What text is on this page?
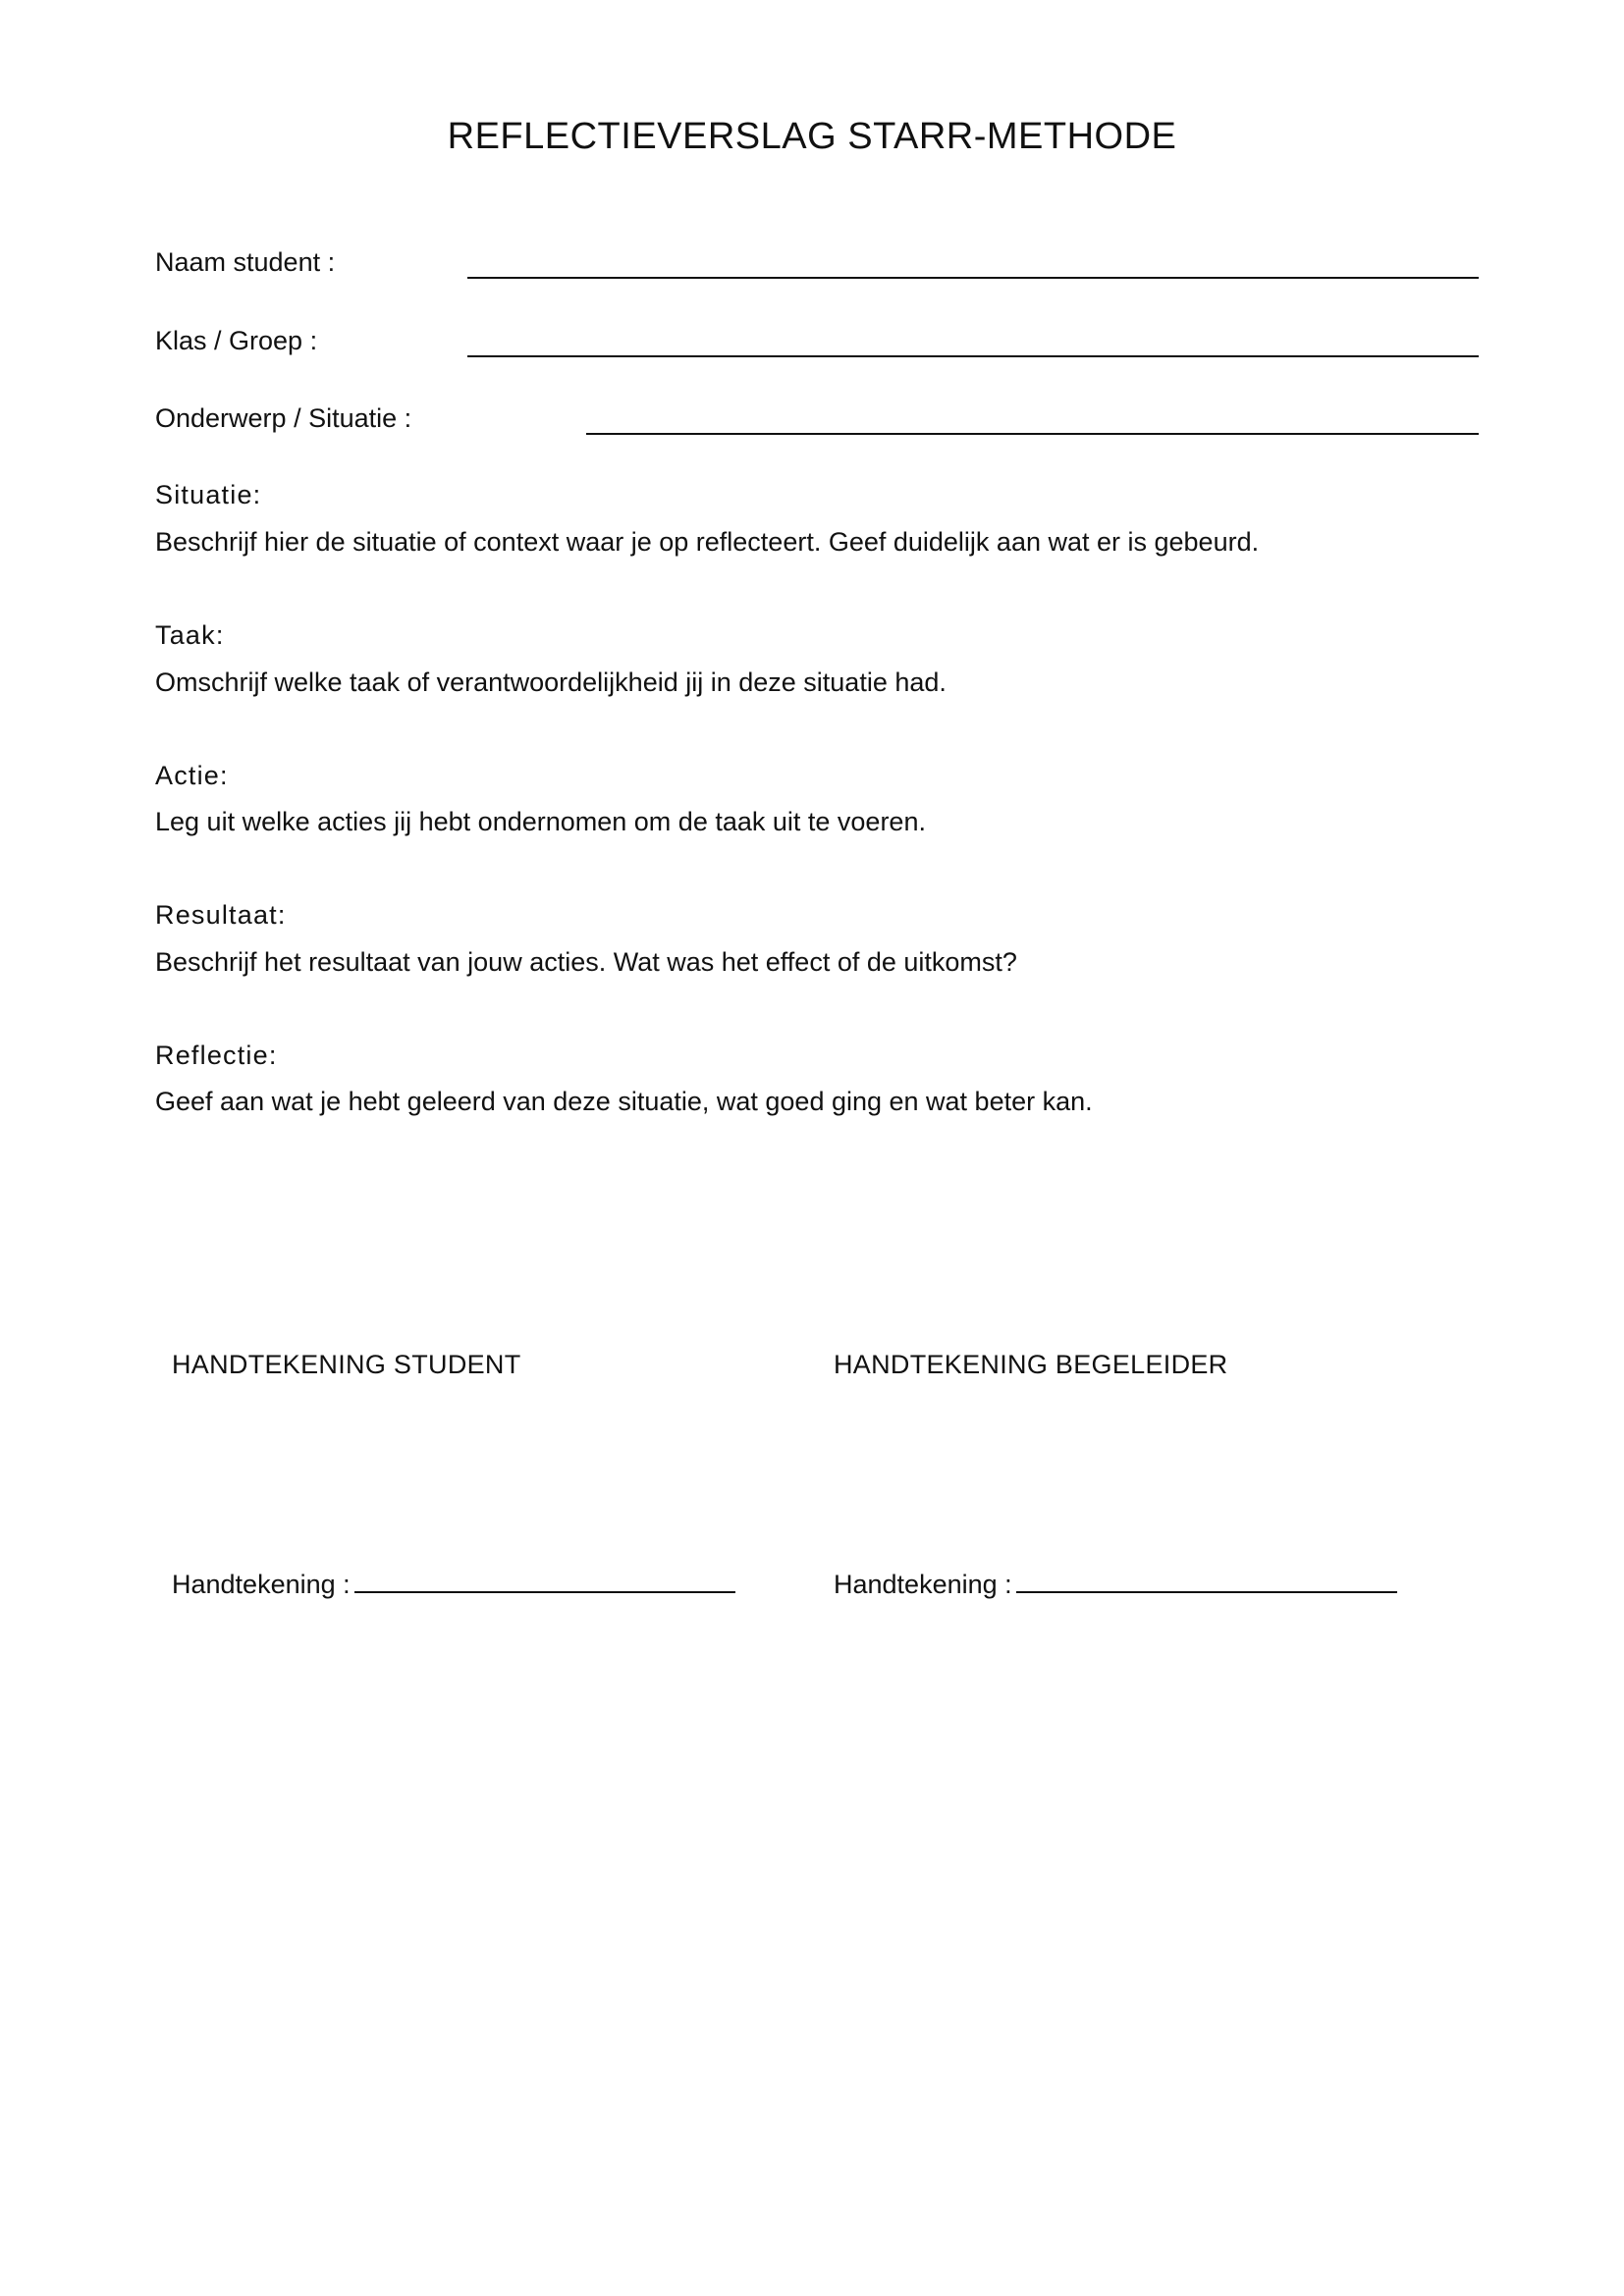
REFLECTIEVERSLAG STARR-METHODE
Naam student :
Klas / Groep :
Onderwerp / Situatie :
Situatie:
Beschrijf hier de situatie of context waar je op reflecteert. Geef duidelijk aan wat er is gebeurd.
Taak:
Omschrijf welke taak of verantwoordelijkheid jij in deze situatie had.
Actie:
Leg uit welke acties jij hebt ondernomen om de taak uit te voeren.
Resultaat:
Beschrijf het resultaat van jouw acties. Wat was het effect of de uitkomst?
Reflectie:
Geef aan wat je hebt geleerd van deze situatie, wat goed ging en wat beter kan.
HANDTEKENING STUDENT	HANDTEKENING BEGELEIDER
Handtekening :	Handtekening :
